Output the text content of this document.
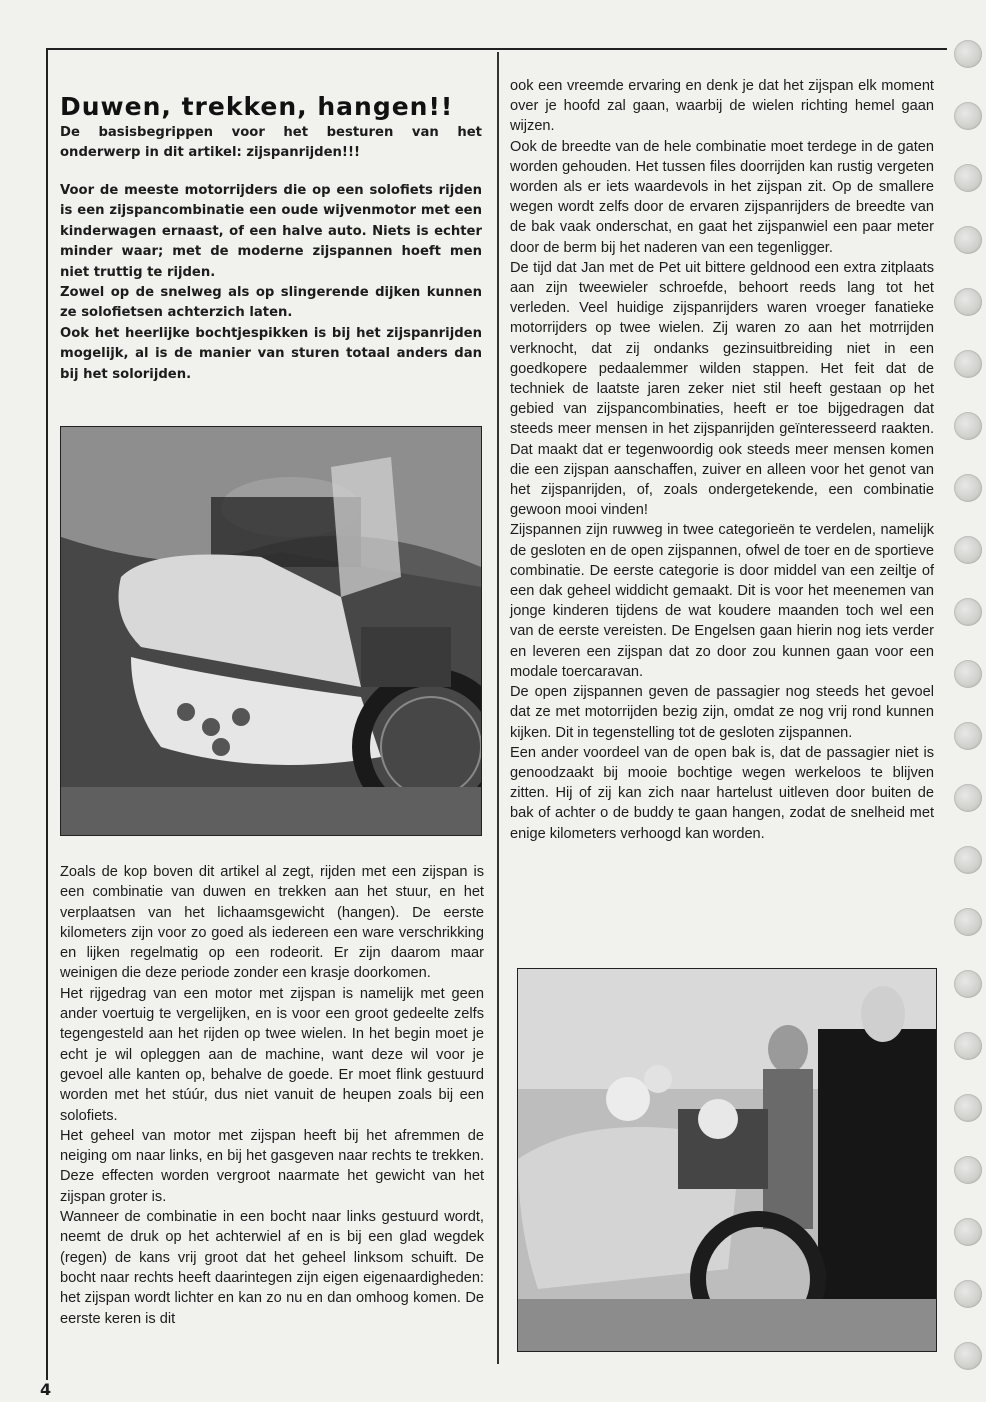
Duwen, trekken, hangen!!

De basisbegrippen voor het besturen van het onderwerp in dit artikel: zijspanrijden!!!

Voor de meeste motorrijders die op een solofiets rijden is een zijspancombinatie een oude wijvenmotor met een kinderwagen ernaast, of een halve auto. Niets is echter minder waar; met de moderne zijspannen hoeft men niet truttig te rijden.

Zowel op de snelweg als op slingerende dijken kunnen ze solofietsen achterzich laten.

Ook het heerlijke bochtjespikken is bij het zijspanrijden mogelijk, al is de manier van sturen totaal anders dan bij het solorijden.

Zoals de kop boven dit artikel al zegt, rijden met een zijspan is een combinatie van duwen en trekken aan het stuur, en het verplaatsen van het lichaamsgewicht (hangen). De eerste kilometers zijn voor zo goed als iedereen een ware verschrikking en lijken regelmatig op een rodeorit. Er zijn daarom maar weinigen die deze periode zonder een krasje doorkomen.

Het rijgedrag van een motor met zijspan is namelijk met geen ander voertuig te vergelijken, en is voor een groot gedeelte zelfs tegengesteld aan het rijden op twee wielen. In het begin moet je echt je wil opleggen aan de machine, want deze wil voor je gevoel alle kanten op, behalve de goede. Er moet flink gestuurd worden met het stúúr, dus niet vanuit de heupen zoals bij een solofiets.

Het geheel van motor met zijspan heeft bij het afremmen de neiging om naar links, en bij het gasgeven naar rechts te trekken. Deze effecten worden vergroot naarmate het gewicht van het zijspan groter is.

Wanneer de combinatie in een bocht naar links gestuurd wordt, neemt de druk op het achterwiel af en is bij een glad wegdek (regen) de kans vrij groot dat het geheel linksom schuift. De bocht naar rechts heeft daarintegen zijn eigen eigenaardigheden: het zijspan wordt lichter en kan zo nu en dan omhoog komen. De eerste keren is dit

ook een vreemde ervaring en denk je dat het zijspan elk moment over je hoofd zal gaan, waarbij de wielen richting hemel gaan wijzen.

Ook de breedte van de hele combinatie moet terdege in de gaten worden gehouden. Het tussen files doorrijden kan rustig vergeten worden als er iets waardevols in het zijspan zit. Op de smallere wegen wordt zelfs door de ervaren zijspanrijders de breedte van de bak vaak onderschat, en gaat het zijspanwiel een paar meter door de berm bij het naderen van een tegenligger.

De tijd dat Jan met de Pet uit bittere geldnood een extra zitplaats aan zijn tweewieler schroefde, behoort reeds lang tot het verleden. Veel huidige zijspanrijders waren vroeger fanatieke motorrijders op twee wielen. Zij waren zo aan het motrrijden verknocht, dat zij ondanks gezinsuitbreiding niet in een goedkopere pedaalemmer wilden stappen. Het feit dat de techniek de laatste jaren zeker niet stil heeft gestaan op het gebied van zijspancombinaties, heeft er toe bijgedragen dat steeds meer mensen in het zijspanrijden geïnteresseerd raakten. Dat maakt dat er tegenwoordig ook steeds meer mensen komen die een zijspan aanschaffen, zuiver en alleen voor het genot van het zijspanrijden, of, zoals ondergetekende, een combinatie gewoon mooi vinden!

Zijspannen zijn ruwweg in twee categorieën te verdelen, namelijk de gesloten en de open zijspannen, ofwel de toer en de sportieve combinatie. De eerste categorie is door middel van een zeiltje of een dak geheel widdicht gemaakt. Dit is voor het meenemen van jonge kinderen tijdens de wat koudere maanden toch wel een van de eerste vereisten. De Engelsen gaan hierin nog iets verder en leveren een zijspan dat zo door zou kunnen gaan voor een modale toercaravan.

De open zijspannen geven de passagier nog steeds het gevoel dat ze met motorrijden bezig zijn, omdat ze nog vrij rond kunnen kijken. Dit in tegenstelling tot de gesloten zijspannen.

Een ander voordeel van de open bak is, dat de passagier niet is genoodzaakt bij mooie bochtige wegen werkeloos te blijven zitten. Hij of zij kan zich naar hartelust uitleven door buiten de bak of achter o de buddy te gaan hangen, zodat de snelheid met enige kilometers verhoogd kan worden.

4
